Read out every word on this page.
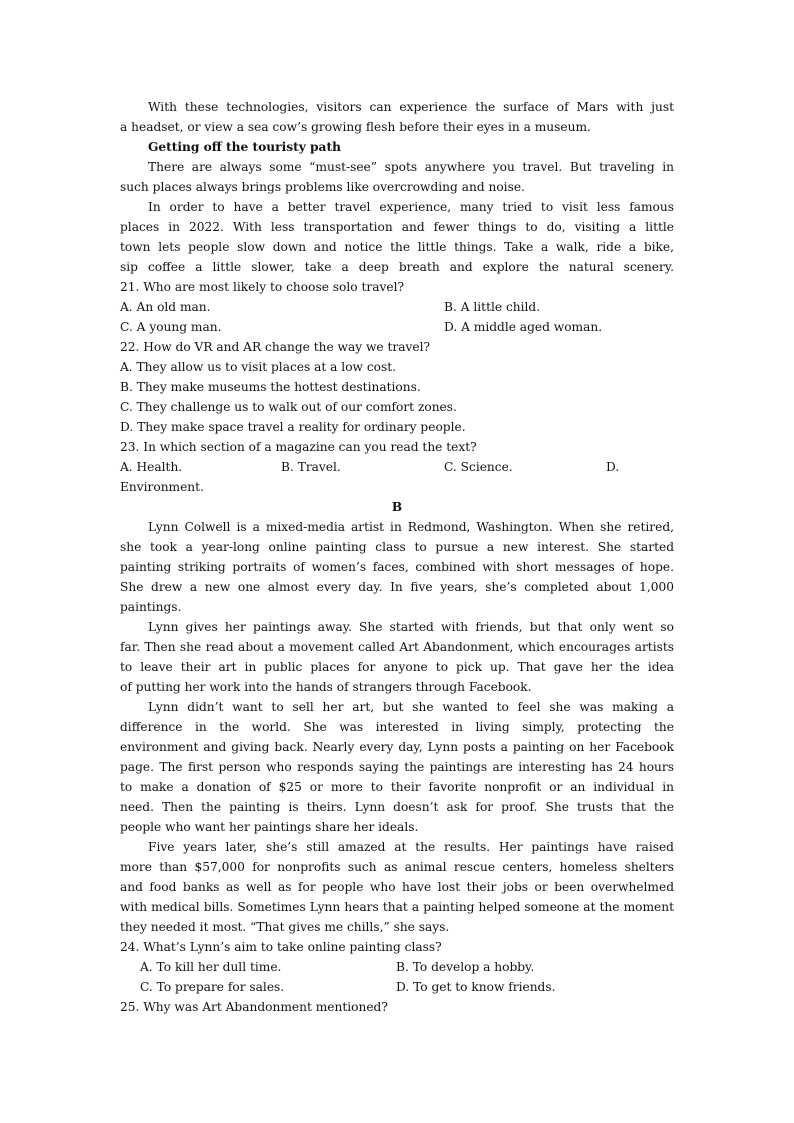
With these technologies, visitors can experience the surface of Mars with just
a headset, or view a sea cow’s growing flesh before their eyes in a museum.
Getting off the touristy path
There are always some “must-see” spots anywhere you travel. But traveling in
such places always brings problems like overcrowding and noise.
In order to have a better travel experience, many tried to visit less famous
places in 2022. With less transportation and fewer things to do, visiting a little
town lets people slow down and notice the little things. Take a walk, ride a bike,
sip coffee a little slower, take a deep breath and explore the natural scenery.
21. Who are most likely to choose solo travel?
A. An old man.	B. A little child.
C. A young man.	D. A middle aged woman.
22. How do VR and AR change the way we travel?
A. They allow us to visit places at a low cost.
B. They make museums the hottest destinations.
C. They challenge us to walk out of our comfort zones.
D. They make space travel a reality for ordinary people.
23. In which section of a magazine can you read the text?
A. Health.	B. Travel.	C. Science.	D.
Environment.
B
Lynn Colwell is a mixed-media artist in Redmond, Washington. When she retired,
she took a year-long online painting class to pursue a new interest. She started
painting striking portraits of women’s faces, combined with short messages of hope.
She drew a new one almost every day. In five years, she’s completed about 1,000
paintings.
Lynn gives her paintings away. She started with friends, but that only went so
far. Then she read about a movement called Art Abandonment, which encourages artists
to leave their art in public places for anyone to pick up. That gave her the idea
of putting her work into the hands of strangers through Facebook.
Lynn didn’t want to sell her art, but she wanted to feel she was making a
difference in the world. She was interested in living simply, protecting the
environment and giving back. Nearly every day, Lynn posts a painting on her Facebook
page. The first person who responds saying the paintings are interesting has 24 hours
to make a donation of $25 or more to their favorite nonprofit or an individual in
need. Then the painting is theirs. Lynn doesn’t ask for proof. She trusts that the
people who want her paintings share her ideals.
Five years later, she’s still amazed at the results. Her paintings have raised
more than $57,000 for nonprofits such as animal rescue centers, homeless shelters
and food banks as well as for people who have lost their jobs or been overwhelmed
with medical bills. Sometimes Lynn hears that a painting helped someone at the moment
they needed it most. “That gives me chills,” she says.
24. What’s Lynn’s aim to take online painting class?
A. To kill her dull time.	B. To develop a hobby.
C. To prepare for sales.	D. To get to know friends.
25. Why was Art Abandonment mentioned?
